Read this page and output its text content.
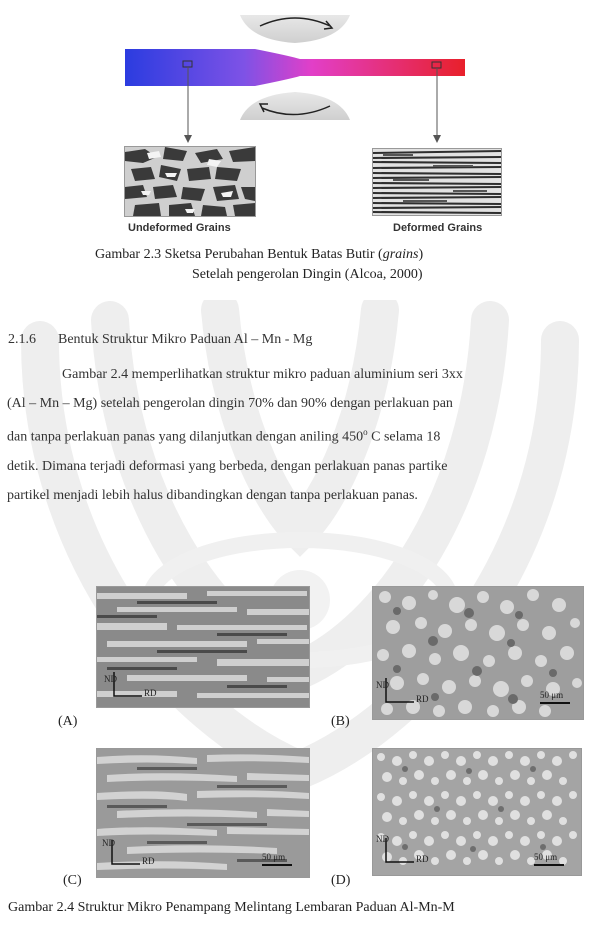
Undeformed Grains	Deformed Grains
Gambar 2.3 Sketsa Perubahan Bentuk Batas Butir (grains)
Setelah pengerolan Dingin (Alcoa, 2000)
2.1.6 Bentuk Struktur Mikro Paduan Al – Mn - Mg
Gambar 2.4 memperlihatkan struktur mikro paduan aluminium seri 3xx
(Al – Mn – Mg) setelah pengerolan dingin 70% dan 90% dengan perlakuan pan
dan tanpa perlakuan panas yang dilanjutkan dengan aniling 450$^o$ C selama 18
detik. Dimana terjadi deformasi yang berbeda, dengan perlakuan panas partike
partikel menjadi lebih halus dibandingkan dengan tanpa perlakuan panas.
ND
RD
(A)
ND
RD	50 μm
(B)
ND
RD	50 μm
(C)
ND
RD	50 μm
(D)
Gambar 2.4 Struktur Mikro Penampang Melintang Lembaran Paduan Al-Mn-M
